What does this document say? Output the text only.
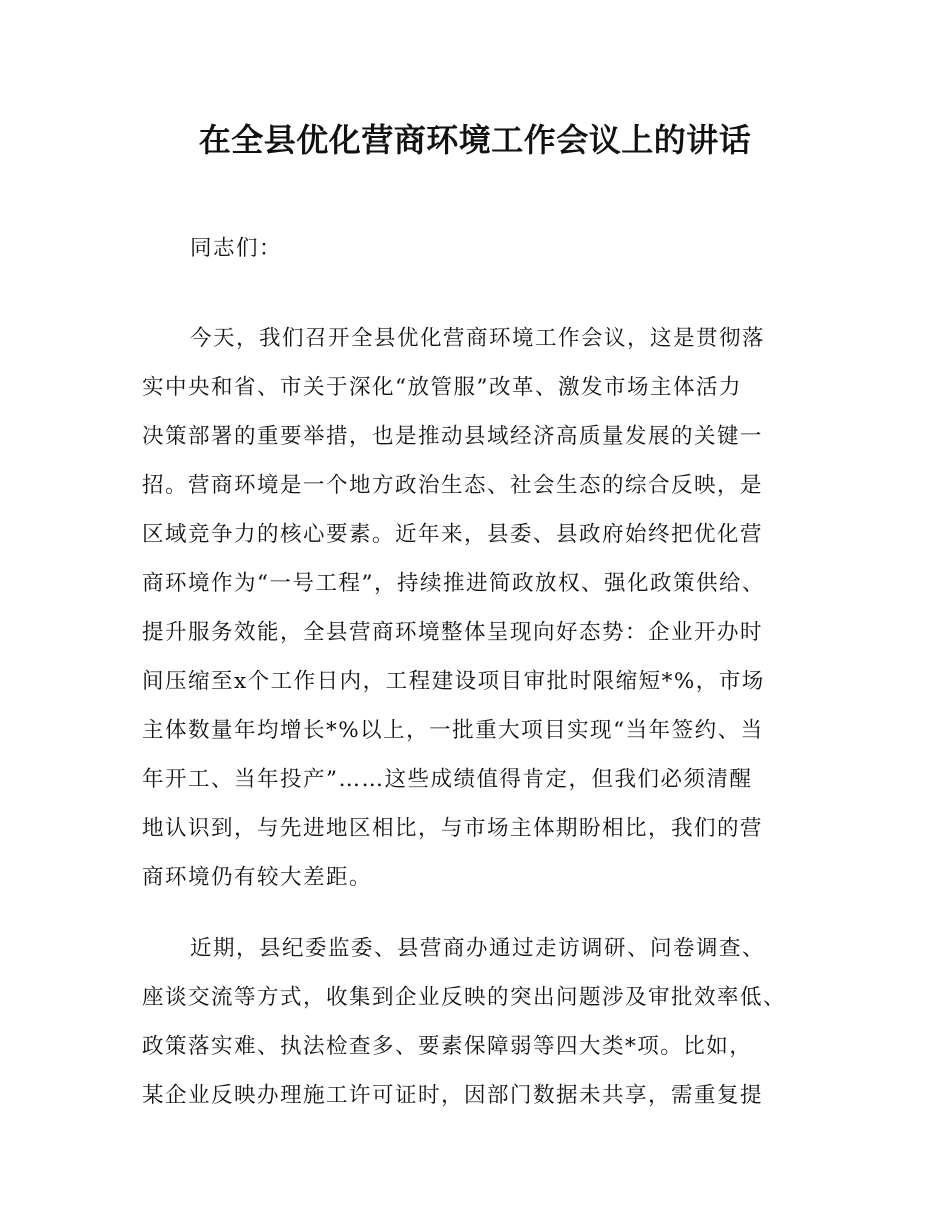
在全县优化营商环境工作会议上的讲话

同志们：

今天，我们召开全县优化营商环境工作会议，这是贯彻落
实中央和省、市关于深化“放管服”改革、激发市场主体活力
决策部署的重要举措，也是推动县域经济高质量发展的关键一
招。营商环境是一个地方政治生态、社会生态的综合反映，是
区域竞争力的核心要素。近年来，县委、县政府始终把优化营
商环境作为“一号工程”，持续推进简政放权、强化政策供给、
提升服务效能，全县营商环境整体呈现向好态势：企业开办时
间压缩至x个工作日内，工程建设项目审批时限缩短*%，市场
主体数量年均增长*%以上，一批重大项目实现“当年签约、当
年开工、当年投产”……这些成绩值得肯定，但我们必须清醒
地认识到，与先进地区相比，与市场主体期盼相比，我们的营
商环境仍有较大差距。

近期，县纪委监委、县营商办通过走访调研、问卷调查、
座谈交流等方式，收集到企业反映的突出问题涉及审批效率低、
政策落实难、执法检查多、要素保障弱等四大类*项。比如，
某企业反映办理施工许可证时，因部门数据未共享，需重复提
